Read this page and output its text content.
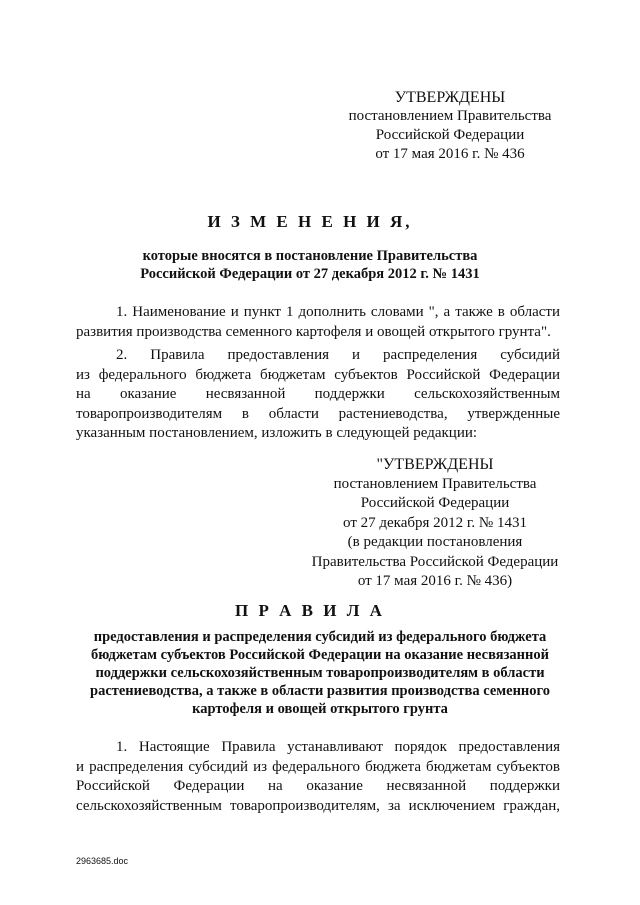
УТВЕРЖДЕНЫ
постановлением Правительства
Российской Федерации
от 17 мая 2016 г. № 436
И З М Е Н Е Н И Я,
которые вносятся в постановление Правительства
Российской Федерации от 27 декабря 2012 г. № 1431
1. Наименование и пункт 1 дополнить словами ", а также в области
развития производства семенного картофеля и овощей открытого грунта".
2. Правила предоставления и распределения субсидий
из федерального бюджета бюджетам субъектов Российской Федерации
на оказание несвязанной поддержки сельскохозяйственным
товаропроизводителям в области растениеводства, утвержденные
указанным постановлением, изложить в следующей редакции:
"УТВЕРЖДЕНЫ
постановлением Правительства
Российской Федерации
от 27 декабря 2012 г. № 1431
(в редакции постановления
Правительства Российской Федерации
от 17 мая 2016 г. № 436)
П Р А В И Л А
предоставления и распределения субсидий из федерального бюджета
бюджетам субъектов Российской Федерации на оказание несвязанной
поддержки сельскохозяйственным товаропроизводителям в области
растениеводства, а также в области развития производства семенного
картофеля и овощей открытого грунта
1. Настоящие Правила устанавливают порядок предоставления
и распределения субсидий из федерального бюджета бюджетам субъектов
Российской Федерации на оказание несвязанной поддержки
сельскохозяйственным товаропроизводителям, за исключением граждан,
2963685.doc
